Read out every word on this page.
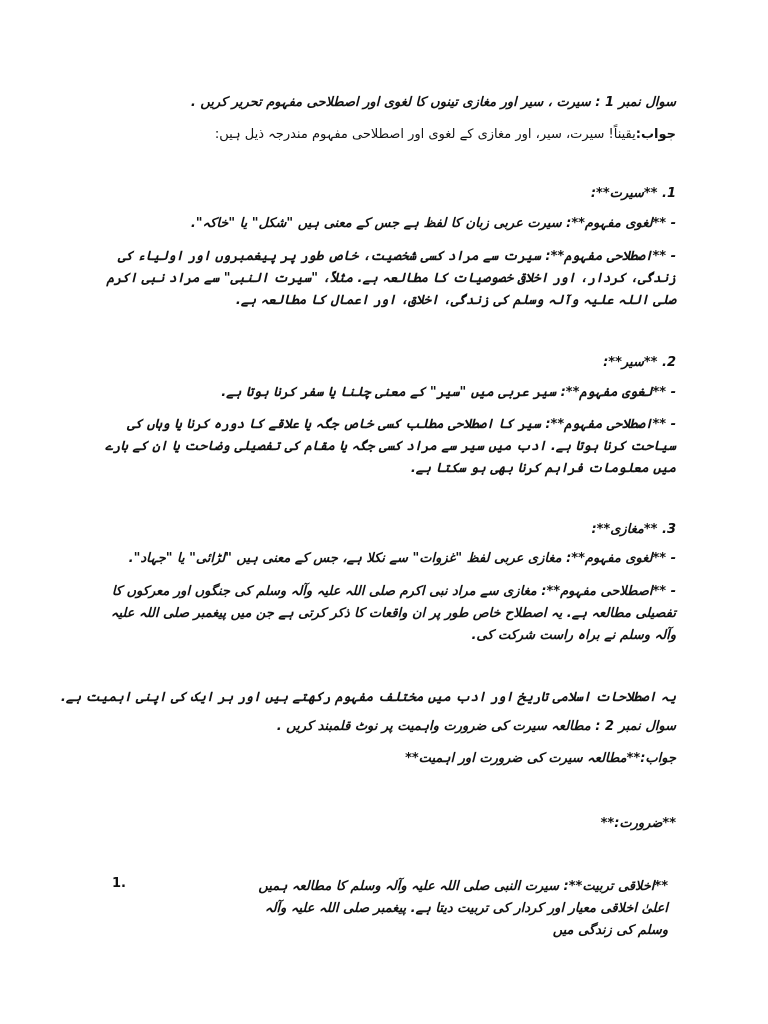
سوال نمبر 1 : سیرت ، سیر اور مغازی تینوں کا لغوی اور اصطلاحی مفہوم تحریر کریں .
جواب:یقیناً! سیرت، سیر، اور مغازی کے لغوی اور اصطلاحی مفہوم مندرجہ ذیل ہیں:
1. **سیرت**:
- **لغوی مفہوم**: سیرت عربی زبان کا لفظ ہے جس کے معنی ہیں "شکل" یا "خاکہ".
- **اصطلاحی مفہوم**: سیرت سے مراد کسی شخصیت، خاص طور پر پیغمبروں اور اولیاء کی زندگی، کردار، اور اخلاقی خصوصیات کا مطالعہ ہے. مثلاً، "سیرت النبی" سے مراد نبی اکرم صلی اللہ علیہ وآلہ وسلم کی زندگی، اخلاق، اور اعمال کا مطالعہ ہے.
2. **سیر**:
- **لغوی مفہوم**: سیر عربی میں "سیر" کے معنی چلنا یا سفر کرنا ہوتا ہے.
- **اصطلاحی مفہوم**: سیر کا اصطلاحی مطلب کسی خاص جگہ یا علاقے کا دورہ کرنا یا وہاں کی سیاحت کرنا ہوتا ہے. ادب میں سیر سے مراد کسی جگہ یا مقام کی تفصیلی وضاحت یا ان کے بارے میں معلومات فراہم کرنا بھی ہو سکتا ہے.
3. **مغازی**:
- **لغوی مفہوم**: مغازی عربی لفظ "غزوات" سے نکلا ہے، جس کے معنی ہیں "لڑائی" یا "جہاد".
- **اصطلاحی مفہوم**: مغازی سے مراد نبی اکرم صلی اللہ علیہ وآلہ وسلم کی جنگوں اور معرکوں کا تفصیلی مطالعہ ہے. یہ اصطلاح خاص طور پر ان واقعات کا ذکر کرتی ہے جن میں پیغمبر صلی اللہ علیہ وآلہ وسلم نے براہ راست شرکت کی.
یہ اصطلاحات اسلامی تاریخ اور ادب میں مختلف مفہوم رکھتے ہیں اور ہر ایک کی اپنی اہمیت ہے.
سوال نمبر 2 : مطالعہ سیرت کی ضرورت واہمیت پر نوٹ قلمبند کریں .
جواب:**مطالعہ سیرت کی ضرورت اور اہمیت**
**ضرورت:**
1.	**اخلاقی تربیت**: سیرت النبی صلی اللہ علیہ وآلہ وسلم کا مطالعہ ہمیں اعلیٰ اخلاقی معیار اور کردار کی تربیت دیتا ہے. پیغمبر صلی اللہ علیہ وآلہ وسلم کی زندگی میں
